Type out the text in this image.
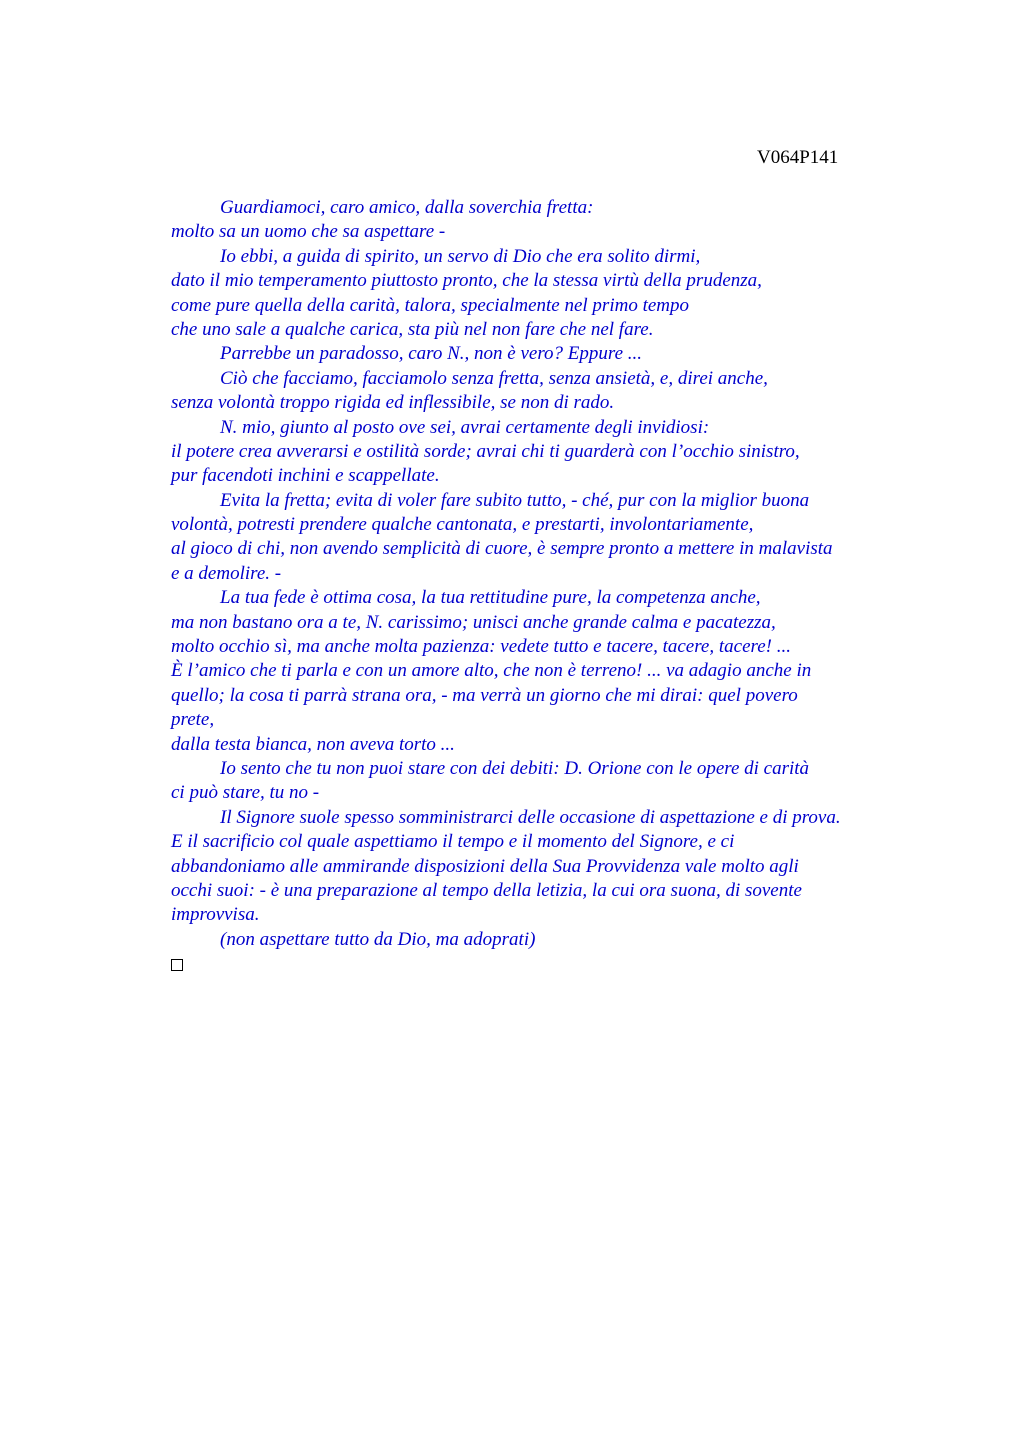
V064P141
Guardiamoci, caro amico, dalla soverchia fretta:
molto sa un uomo che sa aspettare -
Io ebbi, a guida di spirito, un servo di Dio che era solito dirmi,
dato il mio temperamento piuttosto pronto, che la stessa virtù della prudenza,
come pure quella della carità, talora, specialmente nel primo tempo
che uno sale a qualche carica, sta più nel non fare che nel fare.
Parrebbe un paradosso, caro N., non è vero? Eppure ...
Ciò che facciamo, facciamolo senza fretta, senza ansietà, e, direi anche,
senza volontà troppo rigida ed inflessibile, se non di rado.
N. mio, giunto al posto ove sei, avrai certamente degli invidiosi:
il potere crea avverarsi e ostilità sorde; avrai chi ti guarderà con l’occhio sinistro,
pur facendoti inchini e scappellate.
Evita la fretta; evita di voler fare subito tutto, - ché, pur con la miglior buona
volontà, potresti prendere qualche cantonata, e prestarti, involontariamente,
al gioco di chi, non avendo semplicità di cuore, è sempre pronto a mettere in malavista
e a demolire. -
La tua fede è ottima cosa, la tua rettitudine pure, la competenza anche,
ma non bastano ora a te, N. carissimo; unisci anche grande calma e pacatezza,
molto occhio sì, ma anche molta pazienza: vedete tutto e tacere, tacere, tacere! ...
È l’amico che ti parla e con un amore alto, che non è terreno! ... va adagio anche in
quello; la cosa ti parrà strana ora, - ma verrà un giorno che mi dirai: quel povero
prete,
dalla testa bianca, non aveva torto ...
Io sento che tu non puoi stare con dei debiti: D. Orione con le opere di carità
ci può stare, tu no -
Il Signore suole spesso somministrarci delle occasione di aspettazione e di prova.
E il sacrificio col quale aspettiamo il tempo e il momento del Signore, e ci
abbandoniamo alle ammirande disposizioni della Sua Provvidenza vale molto agli
occhi suoi: - è una preparazione al tempo della letizia, la cui ora suona, di sovente
improvvisa.
(non aspettare tutto da Dio, ma adoprati)
